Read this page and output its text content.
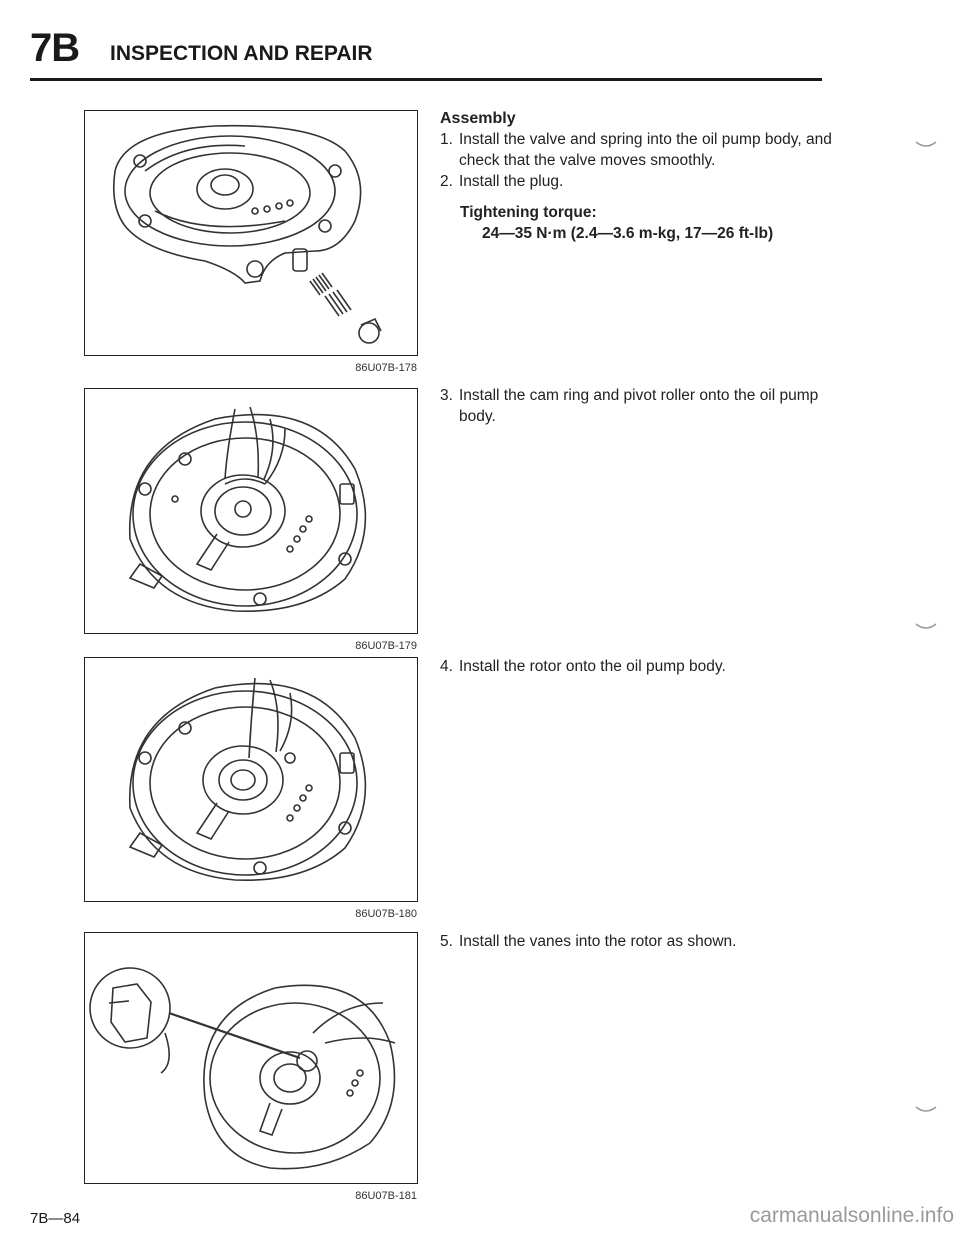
7B INSPECTION AND REPAIR
86U07B-178
86U07B-179
86U07B-180
86U07B-181
Assembly
1. Install the valve and spring into the oil pump body, and check that the valve moves smoothly.
2. Install the plug.
Tightening torque:
24—35 N·m (2.4—3.6 m-kg, 17—26 ft-lb)
3. Install the cam ring and pivot roller onto the oil pump body.
4. Install the rotor onto the oil pump body.
5. Install the vanes into the rotor as shown.
7B—84	carmanualsonline.info
